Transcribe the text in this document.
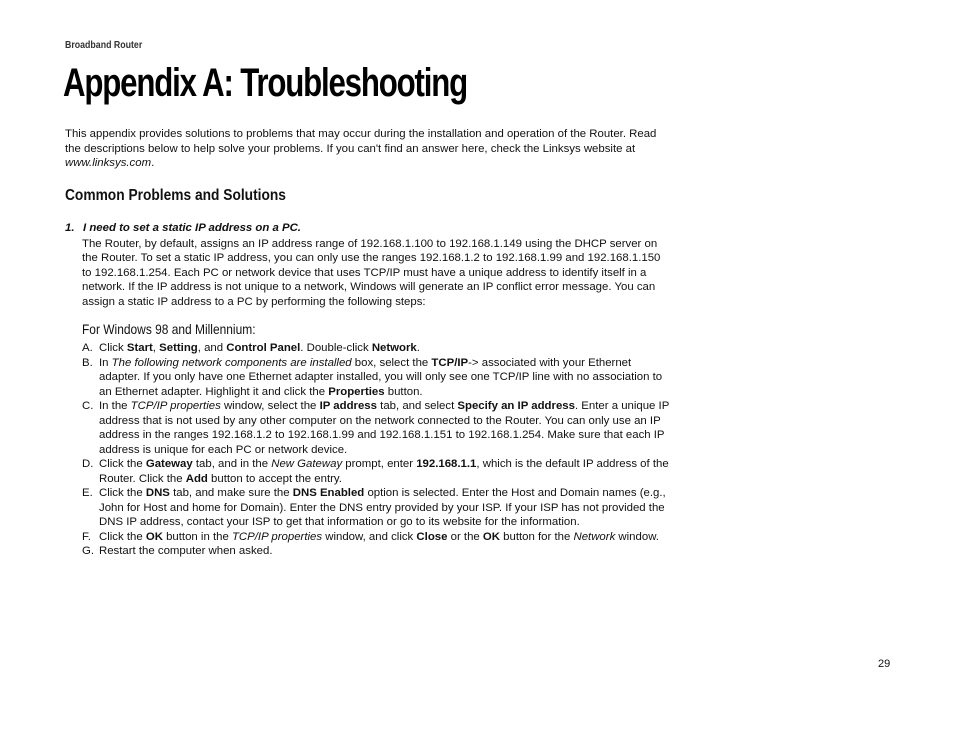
Broadband Router
Appendix A: Troubleshooting

This appendix provides solutions to problems that may occur during the installation and operation of the Router. Read the descriptions below to help solve your problems. If you can't find an answer here, check the Linksys website at www.linksys.com.

Common Problems and Solutions

1. I need to set a static IP address on a PC.

The Router, by default, assigns an IP address range of 192.168.1.100 to 192.168.1.149 using the DHCP server on the Router. To set a static IP address, you can only use the ranges 192.168.1.2 to 192.168.1.99 and 192.168.1.150 to 192.168.1.254. Each PC or network device that uses TCP/IP must have a unique address to identify itself in a network. If the IP address is not unique to a network, Windows will generate an IP conflict error message. You can assign a static IP address to a PC by performing the following steps:

For Windows 98 and Millennium:

A. Click Start, Setting, and Control Panel. Double-click Network.
B. In The following network components are installed box, select the TCP/IP-> associated with your Ethernet adapter. If you only have one Ethernet adapter installed, you will only see one TCP/IP line with no association to an Ethernet adapter. Highlight it and click the Properties button.
C. In the TCP/IP properties window, select the IP address tab, and select Specify an IP address. Enter a unique IP address that is not used by any other computer on the network connected to the Router. You can only use an IP address in the ranges 192.168.1.2 to 192.168.1.99 and 192.168.1.151 to 192.168.1.254. Make sure that each IP address is unique for each PC or network device.
D. Click the Gateway tab, and in the New Gateway prompt, enter 192.168.1.1, which is the default IP address of the Router. Click the Add button to accept the entry.
E. Click the DNS tab, and make sure the DNS Enabled option is selected. Enter the Host and Domain names (e.g., John for Host and home for Domain). Enter the DNS entry provided by your ISP. If your ISP has not provided the DNS IP address, contact your ISP to get that information or go to its website for the information.
F. Click the OK button in the TCP/IP properties window, and click Close or the OK button for the Network window.
G. Restart the computer when asked.
29
